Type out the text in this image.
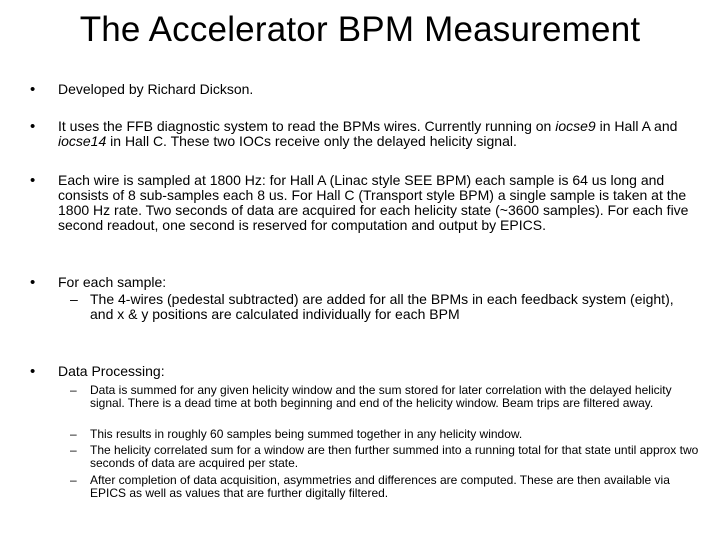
The Accelerator BPM Measurement
• Developed by Richard Dickson.
• It uses the FFB diagnostic system to read the BPMs wires. Currently running on iocse9 in Hall A and iocse14 in Hall C. These two IOCs receive only the delayed helicity signal.
• Each wire is sampled at 1800 Hz: for Hall A (Linac style SEE BPM) each sample is 64 us long and consists of 8 sub-samples each 8 us. For Hall C (Transport style BPM) a single sample is taken at the 1800 Hz rate. Two seconds of data are acquired for each helicity state (~3600 samples). For each five second readout, one second is reserved for computation and output by EPICS.
• For each sample:
– The 4-wires (pedestal subtracted) are added for all the BPMs in each feedback system (eight), and x & y positions are calculated individually for each BPM
• Data Processing:
– Data is summed for any given helicity window and the sum stored for later correlation with the delayed helicity signal. There is a dead time at both beginning and end of the helicity window. Beam trips are filtered away.
– This results in roughly 60 samples being summed together in any helicity window.
– The helicity correlated sum for a window are then further summed into a running total for that state until approx two seconds of data are acquired per state.
– After completion of data acquisition, asymmetries and differences are computed. These are then available via EPICS as well as values that are further digitally filtered.
